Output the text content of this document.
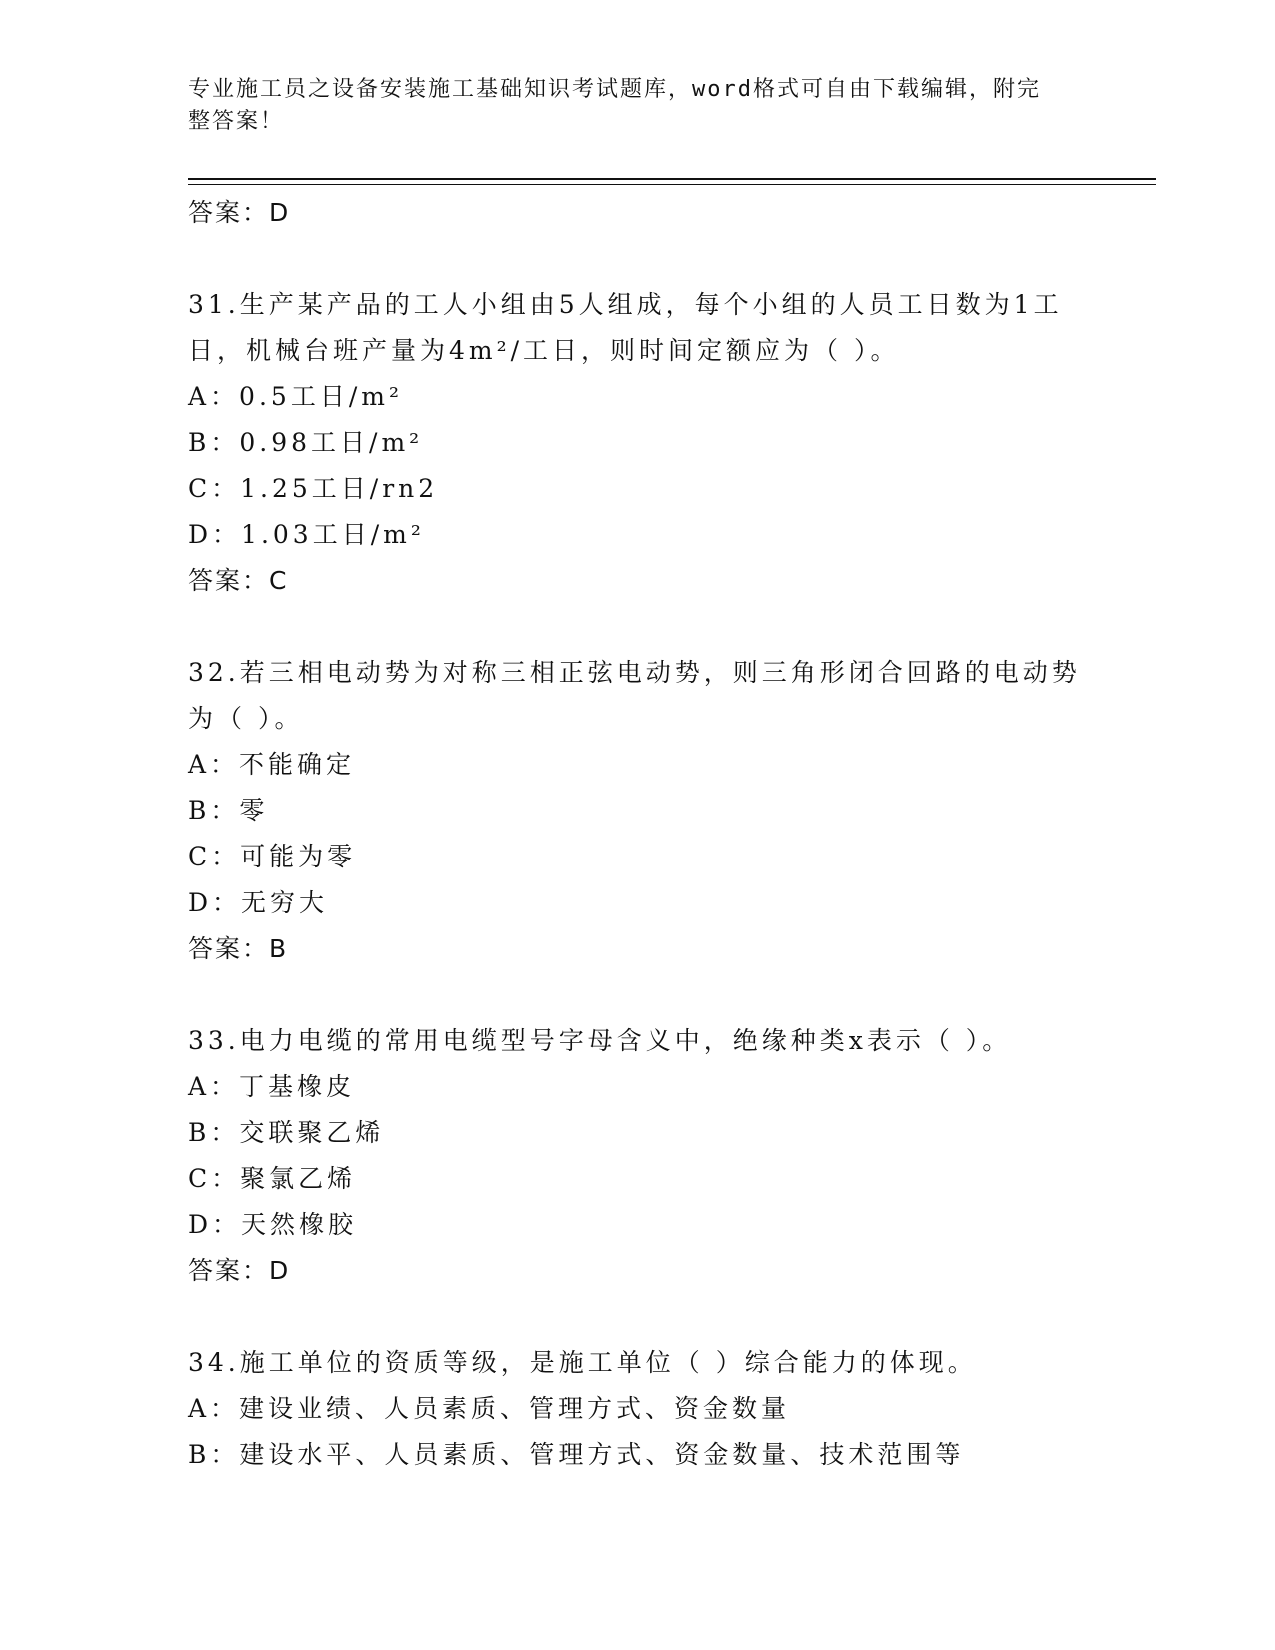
专业施工员之设备安装施工基础知识考试题库，word格式可自由下载编辑，附完
整答案！
答案：D
31.生产某产品的工人小组由5人组成，每个小组的人员工日数为1工
日，机械台班产量为4m²/工日，则时间定额应为（ ）。
A：0.5工日/m²
B：0.98工日/m²
C：1.25工日/rn2
D：1.03工日/m²
答案：C
32.若三相电动势为对称三相正弦电动势，则三角形闭合回路的电动势
为（ ）。
A：不能确定
B：零
C：可能为零
D：无穷大
答案：B
33.电力电缆的常用电缆型号字母含义中，绝缘种类x表示（ ）。
A：丁基橡皮
B：交联聚乙烯
C：聚氯乙烯
D：天然橡胶
答案：D
34.施工单位的资质等级，是施工单位（ ）综合能力的体现。
A：建设业绩、人员素质、管理方式、资金数量
B：建设水平、人员素质、管理方式、资金数量、技术范围等
